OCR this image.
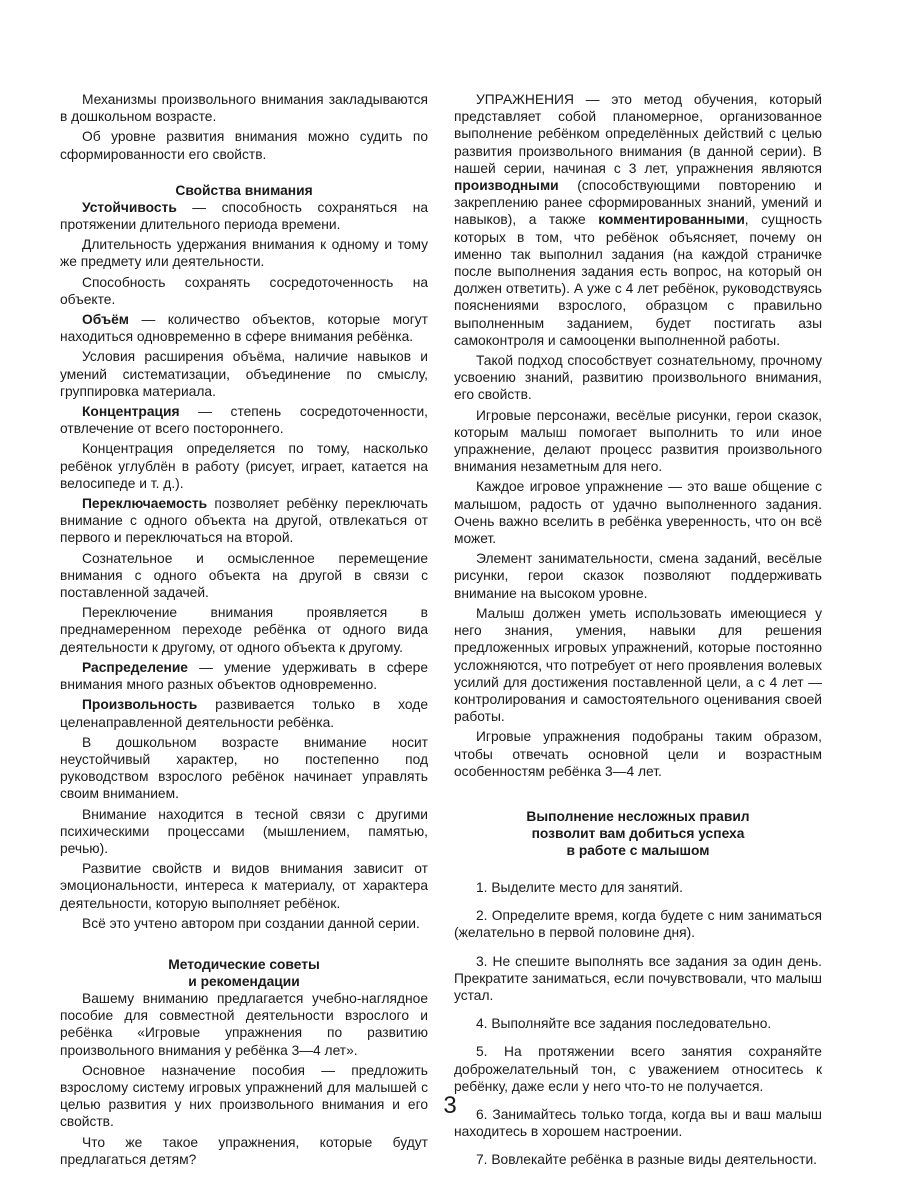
Механизмы произвольного внимания закладываются в дошкольном возрасте.

Об уровне развития внимания можно судить по сформированности его свойств.

Свойства внимания

Устойчивость — способность сохраняться на протяжении длительного периода времени.

Длительность удержания внимания к одному и тому же предмету или деятельности.

Способность сохранять сосредоточенность на объекте.

Объём — количество объектов, которые могут находиться одновременно в сфере внимания ребёнка.

Условия расширения объёма, наличие навыков и умений систематизации, объединение по смыслу, группировка материала.

Концентрация — степень сосредоточенности, отвлечение от всего постороннего.

Концентрация определяется по тому, насколько ребёнок углублён в работу (рисует, играет, катается на велосипеде и т. д.).

Переключаемость позволяет ребёнку переключать внимание с одного объекта на другой, отвлекаться от первого и переключаться на второй.

Сознательное и осмысленное перемещение внимания с одного объекта на другой в связи с поставленной задачей.

Переключение внимания проявляется в преднамеренном переходе ребёнка от одного вида деятельности к другому, от одного объекта к другому.

Распределение — умение удерживать в сфере внимания много разных объектов одновременно.

Произвольность развивается только в ходе целенаправленной деятельности ребёнка.

В дошкольном возрасте внимание носит неустойчивый характер, но постепенно под руководством взрослого ребёнок начинает управлять своим вниманием.

Внимание находится в тесной связи с другими психическими процессами (мышлением, памятью, речью).

Развитие свойств и видов внимания зависит от эмоциональности, интереса к материалу, от характера деятельности, которую выполняет ребёнок.

Всё это учтено автором при создании данной серии.

Методические советы

и рекомендации

Вашему вниманию предлагается учебно-наглядное пособие для совместной деятельности взрослого и ребёнка «Игровые упражнения по развитию произвольного внимания у ребёнка 3—4 лет».

Основное назначение пособия — предложить взрослому систему игровых упражнений для малышей с целью развития у них произвольного внимания и его свойств.

Что же такое упражнения, которые будут предлагаться детям?

УПРАЖНЕНИЯ — это метод обучения, который представляет собой планомерное, организованное выполнение ребёнком определённых действий с целью развития произвольного внимания (в данной серии). В нашей серии, начиная с 3 лет, упражнения являются производными (способствующими повторению и закреплению ранее сформированных знаний, умений и навыков), а также комментированными, сущность которых в том, что ребёнок объясняет, почему он именно так выполнил задания (на каждой страничке после выполнения задания есть вопрос, на который он должен ответить). А уже с 4 лет ребёнок, руководствуясь пояснениями взрослого, образцом с правильно выполненным заданием, будет постигать азы самоконтроля и самооценки выполненной работы.

Такой подход способствует сознательному, прочному усвоению знаний, развитию произвольного внимания, его свойств.

Игровые персонажи, весёлые рисунки, герои сказок, которым малыш помогает выполнить то или иное упражнение, делают процесс развития произвольного внимания незаметным для него.

Каждое игровое упражнение — это ваше общение с малышом, радость от удачно выполненного задания. Очень важно вселить в ребёнка уверенность, что он всё может.

Элемент занимательности, смена заданий, весёлые рисунки, герои сказок позволяют поддерживать внимание на высоком уровне.

Малыш должен уметь использовать имеющиеся у него знания, умения, навыки для решения предложенных игровых упражнений, которые постоянно усложняются, что потребует от него проявления волевых усилий для достижения поставленной цели, а с 4 лет — контролирования и самостоятельного оценивания своей работы.

Игровые упражнения подобраны таким образом, чтобы отвечать основной цели и возрастным особенностям ребёнка 3—4 лет.

Выполнение несложных правил

позволит вам добиться успеха

в работе с малышом

1. Выделите место для занятий.

2. Определите время, когда будете с ним заниматься (желательно в первой половине дня).

3. Не спешите выполнять все задания за один день. Прекратите заниматься, если почувствовали, что малыш устал.

4. Выполняйте все задания последовательно.

5. На протяжении всего занятия сохраняйте доброжелательный тон, с уважением относитесь к ребёнку, даже если у него что-то не получается.

6. Занимайтесь только тогда, когда вы и ваш малыш находитесь в хорошем настроении.

7. Вовлекайте ребёнка в разные виды деятельности.

3
